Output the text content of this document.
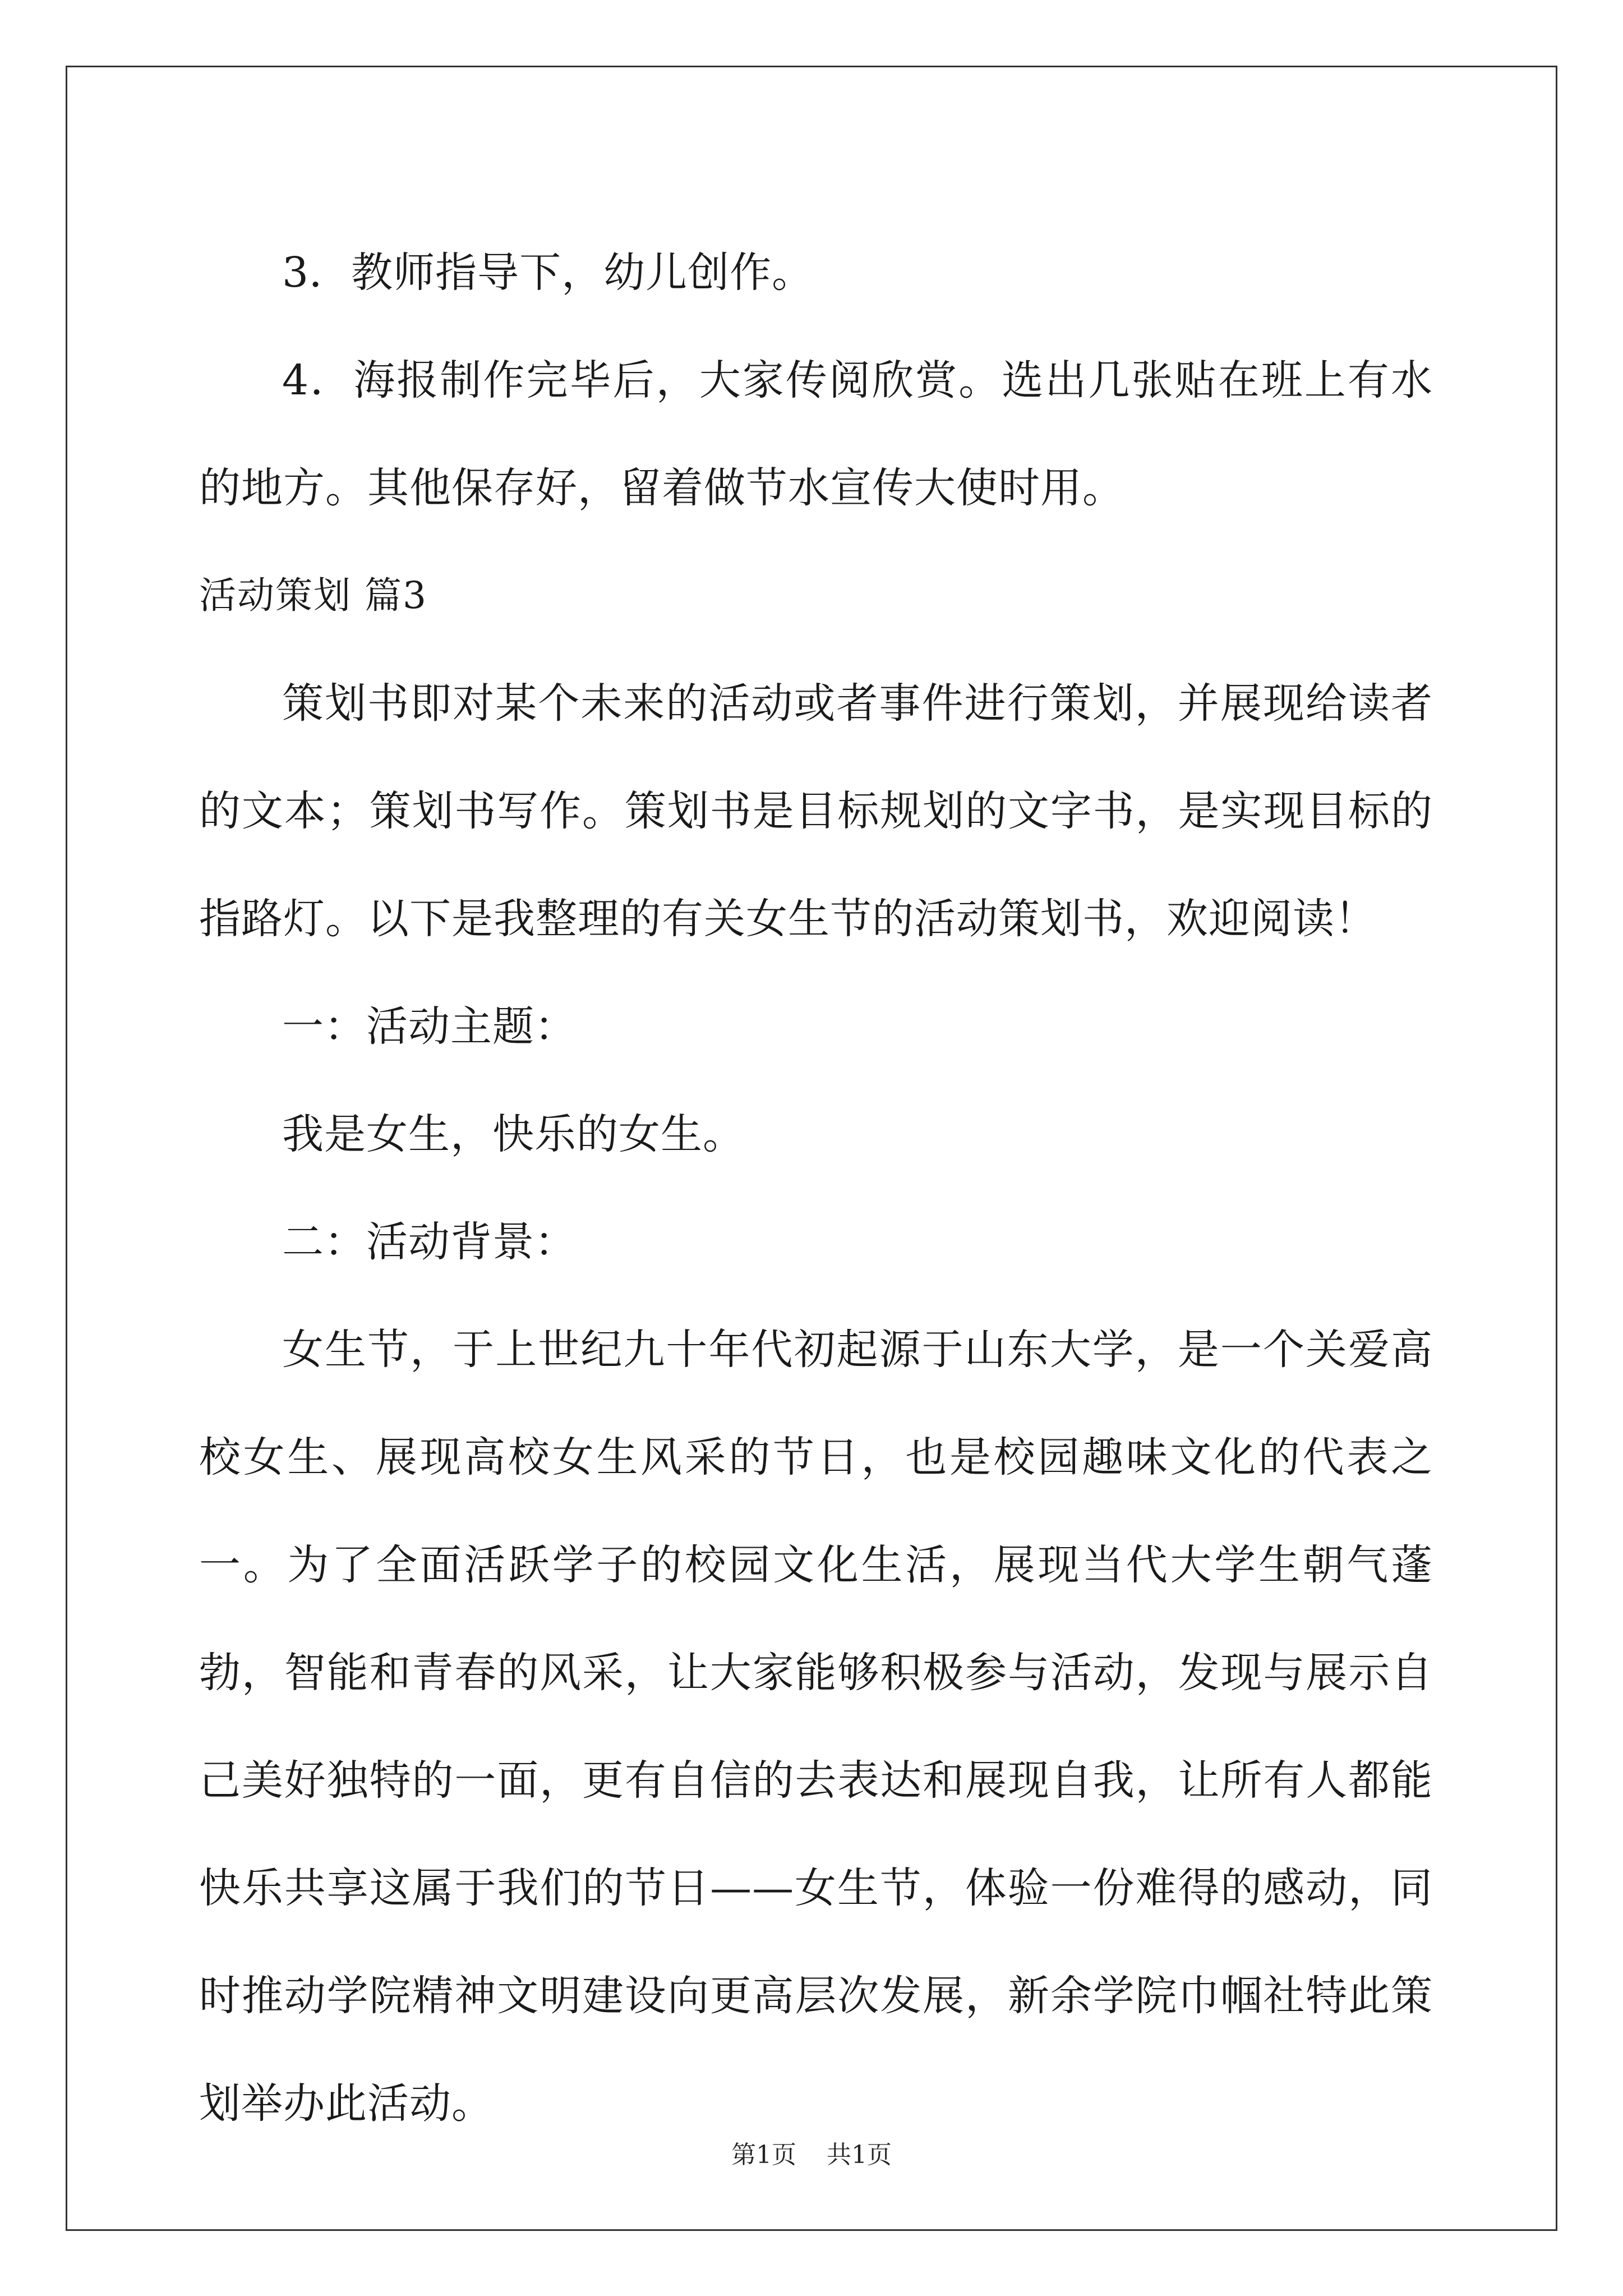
3．教师指导下，幼儿创作。

4．海报制作完毕后，大家传阅欣赏。选出几张贴在班上有水的地方。其他保存好，留着做节水宣传大使时用。

活动策划 篇3

策划书即对某个未来的活动或者事件进行策划，并展现给读者的文本；策划书写作。策划书是目标规划的文字书，是实现目标的指路灯。以下是我整理的有关女生节的活动策划书，欢迎阅读！

一：活动主题：

我是女生，快乐的女生。

二：活动背景：

女生节，于上世纪九十年代初起源于山东大学，是一个关爱高校女生、展现高校女生风采的节日，也是校园趣味文化的代表之一。为了全面活跃学子的校园文化生活，展现当代大学生朝气蓬勃，智能和青春的风采，让大家能够积极参与活动，发现与展示自己美好独特的一面，更有自信的去表达和展现自我，让所有人都能快乐共享这属于我们的节日——女生节，体验一份难得的感动，同时推动学院精神文明建设向更高层次发展，新余学院巾帼社特此策划举办此活动。

第1页 共1页
